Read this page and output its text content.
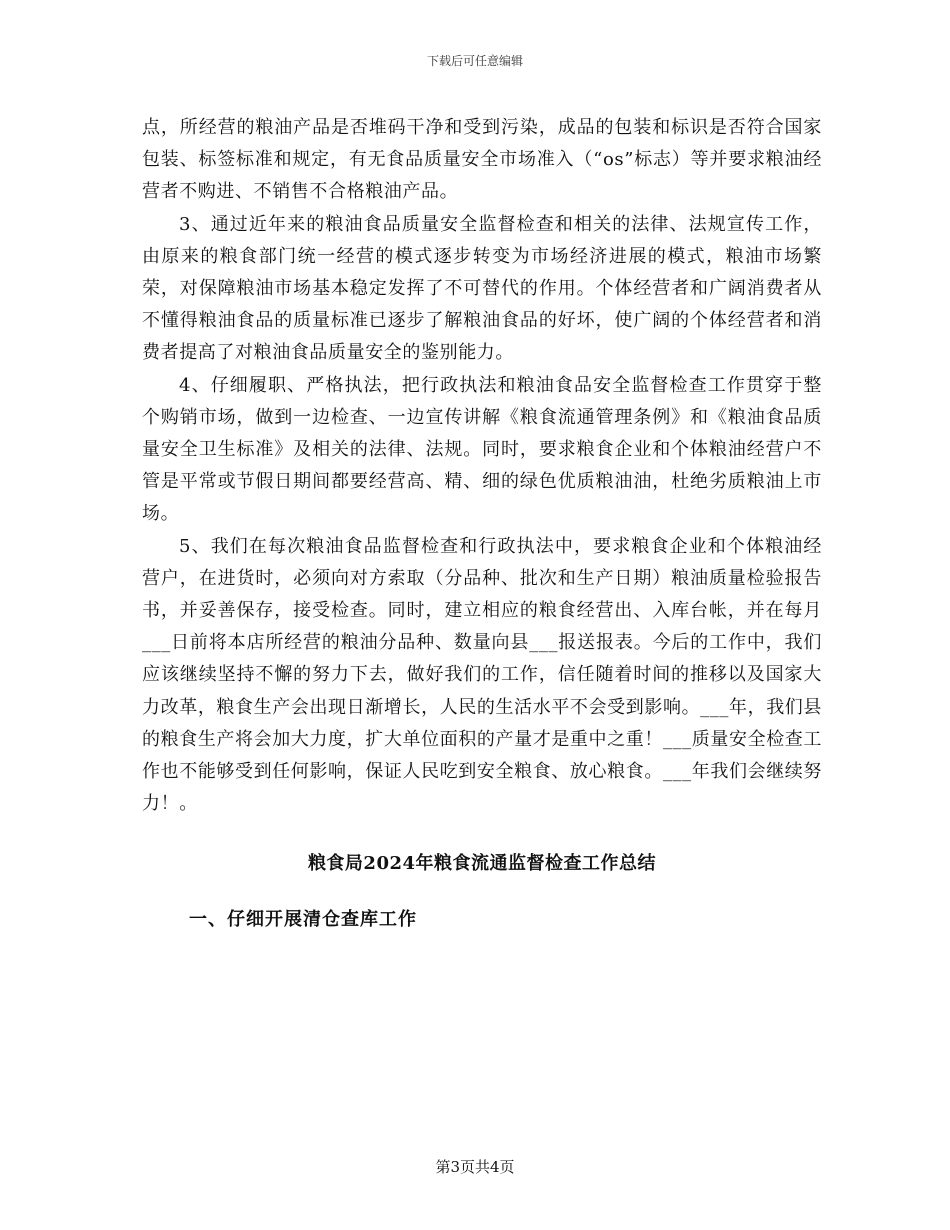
下载后可任意编辑

点，所经营的粮油产品是否堆码干净和受到污染，成品的包装和标识是否符合国家包装、标签标准和规定，有无食品质量安全市场准入（“os”标志）等并要求粮油经营者不购进、不销售不合格粮油产品。

3、通过近年来的粮油食品质量安全监督检查和相关的法律、法规宣传工作，由原来的粮食部门统一经营的模式逐步转变为市场经济进展的模式，粮油市场繁荣，对保障粮油市场基本稳定发挥了不可替代的作用。个体经营者和广阔消费者从不懂得粮油食品的质量标准已逐步了解粮油食品的好坏，使广阔的个体经营者和消费者提高了对粮油食品质量安全的鉴别能力。

4、仔细履职、严格执法，把行政执法和粮油食品安全监督检查工作贯穿于整个购销市场，做到一边检查、一边宣传讲解《粮食流通管理条例》和《粮油食品质量安全卫生标准》及相关的法律、法规。同时，要求粮食企业和个体粮油经营户不管是平常或节假日期间都要经营高、精、细的绿色优质粮油油，杜绝劣质粮油上市场。

5、我们在每次粮油食品监督检查和行政执法中，要求粮食企业和个体粮油经营户，在进货时，必须向对方索取（分品种、批次和生产日期）粮油质量检验报告书，并妥善保存，接受检查。同时，建立相应的粮食经营出、入库台帐，并在每月___日前将本店所经营的粮油分品种、数量向县___报送报表。今后的工作中，我们应该继续坚持不懈的努力下去，做好我们的工作，信任随着时间的推移以及国家大力改革，粮食生产会出现日渐增长，人民的生活水平不会受到影响。___年，我们县的粮食生产将会加大力度，扩大单位面积的产量才是重中之重！___质量安全检查工作也不能够受到任何影响，保证人民吃到安全粮食、放心粮食。___年我们会继续努力！。

粮食局2024年粮食流通监督检查工作总结
一、仔细开展清仓查库工作
第3页共4页
